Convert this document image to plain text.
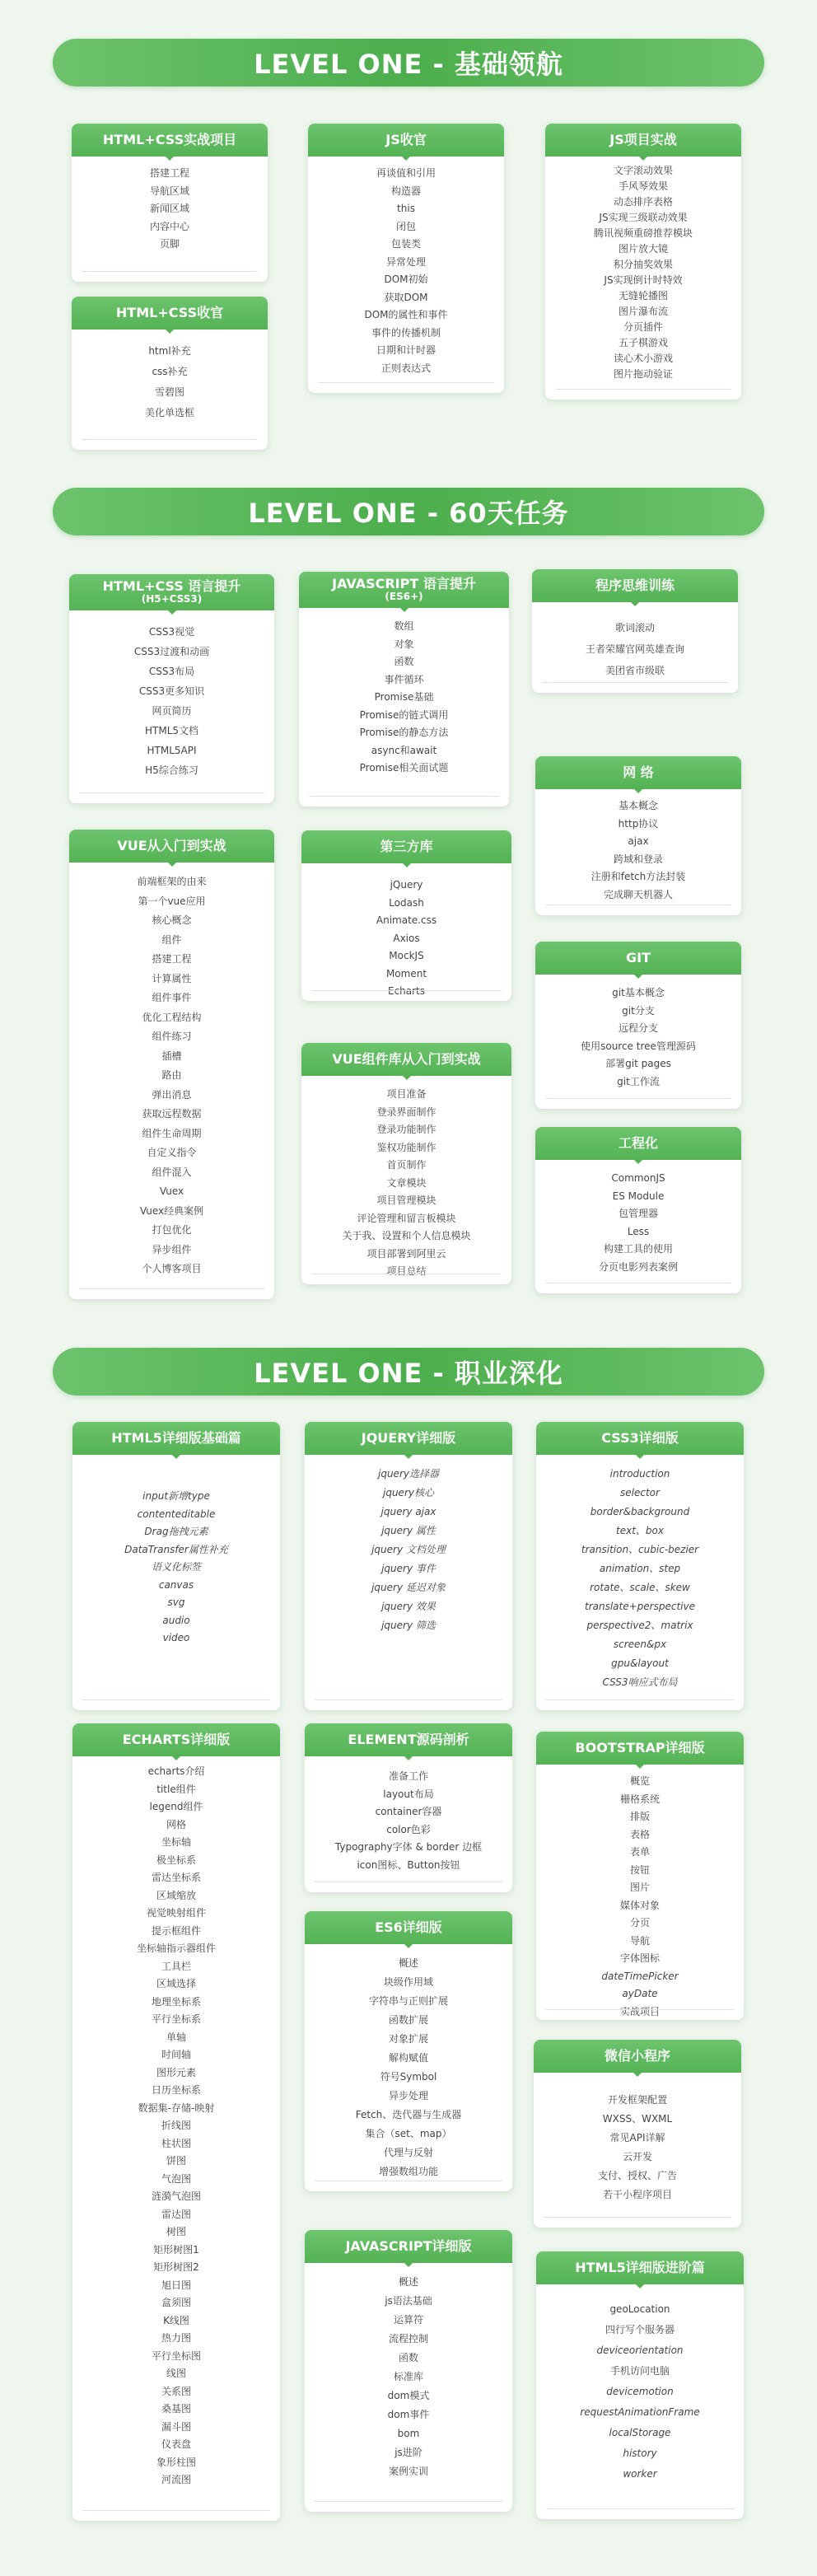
LEVEL ONE - 基础领航
LEVEL ONE - 60天任务
LEVEL ONE - 职业深化
HTML+CSS实战项目
搭建工程
导航区域
新闻区域
内容中心
页脚
JS收官
再谈值和引用
构造器
this
闭包
包装类
异常处理
DOM初始
获取DOM
DOM的属性和事件
事件的传播机制
日期和计时器
正则表达式
JS项目实战
文字滚动效果
手风琴效果
动态排序表格
JS实现三级联动效果
腾讯视频重磅推荐模块
图片放大镜
积分抽奖效果
JS实现倒计时特效
无缝轮播图
图片瀑布流
分页插件
五子棋游戏
读心术小游戏
图片拖动验证
HTML+CSS收官
html补充
css补充
雪碧图
美化单选框
HTML+CSS 语言提升
(H5+CSS3)
CSS3视觉
CSS3过渡和动画
CSS3布局
CSS3更多知识
网页简历
HTML5文档
HTML5API
H5综合练习
JAVASCRIPT 语言提升
(ES6+)
数组
对象
函数
事件循环
Promise基础
Promise的链式调用
Promise的静态方法
async和await
Promise相关面试题
程序思维训练
歌词滚动
王者荣耀官网英雄查询
美团省市级联
VUE从入门到实战
前端框架的由来
第一个vue应用
核心概念
组件
搭建工程
计算属性
组件事件
优化工程结构
组件练习
插槽
路由
弹出消息
获取远程数据
组件生命周期
自定义指令
组件混入
Vuex
Vuex经典案例
打包优化
异步组件
个人博客项目
第三方库
jQuery
Lodash
Animate.css
Axios
MockJS
Moment
Echarts
网 络
基本概念
http协议
ajax
跨域和登录
注册和fetch方法封装
完成聊天机器人
GIT
git基本概念
git分支
远程分支
使用source tree管理源码
部署git pages
git工作流
VUE组件库从入门到实战
项目准备
登录界面制作
登录功能制作
鉴权功能制作
首页制作
文章模块
项目管理模块
评论管理和留言板模块
关于我、设置和个人信息模块
项目部署到阿里云
项目总结
工程化
CommonJS
ES Module
包管理器
Less
构建工具的使用
分页电影列表案例
HTML5详细版基础篇
input新增type
contenteditable
Drag拖拽元素
DataTransfer属性补充
语义化标签
canvas
svg
audio
video
JQUERY详细版
jquery选择器
jquery核心
jquery ajax
jquery 属性
jquery 文档处理
jquery 事件
jquery 延迟对象
jquery 效果
jquery 筛选
CSS3详细版
introduction
selector
border&background
text、box
transition、cubic-bezier
animation、step
rotate、scale、skew
translate+perspective
perspective2、matrix
screen&px
gpu&layout
CSS3响应式布局
ECHARTS详细版
echarts介绍
title组件
legend组件
网格
坐标轴
极坐标系
雷达坐标系
区域缩放
视觉映射组件
提示框组件
坐标轴指示器组件
工具栏
区域选择
地理坐标系
平行坐标系
单轴
时间轴
图形元素
日历坐标系
数据集-存储-映射
折线图
柱状图
饼图
气泡图
涟漪气泡图
雷达图
树图
矩形树图1
矩形树图2
旭日图
盒须图
K线图
热力图
平行坐标图
线图
关系图
桑基图
漏斗图
仪表盘
象形柱图
河流图
ELEMENT源码剖析
准备工作
layout布局
container容器
color色彩
Typography字体 & border 边框
icon图标、Button按钮
BOOTSTRAP详细版
概览
栅格系统
排版
表格
表单
按钮
图片
媒体对象
分页
导航
字体图标
dateTimePicker
ayDate
实战项目
ES6详细版
概述
块级作用域
字符串与正则扩展
函数扩展
对象扩展
解构赋值
符号Symbol
异步处理
Fetch、迭代器与生成器
集合（set、map）
代理与反射
增强数组功能
微信小程序
开发框架配置
WXSS、WXML
常见API详解
云开发
支付、授权、广告
若干小程序项目
JAVASCRIPT详细版
概述
js语法基础
运算符
流程控制
函数
标准库
dom模式
dom事件
bom
js进阶
案例实训
HTML5详细版进阶篇
geoLocation
四行写个服务器
deviceorientation
手机访问电脑
devicemotion
requestAnimationFrame
localStorage
history
worker
